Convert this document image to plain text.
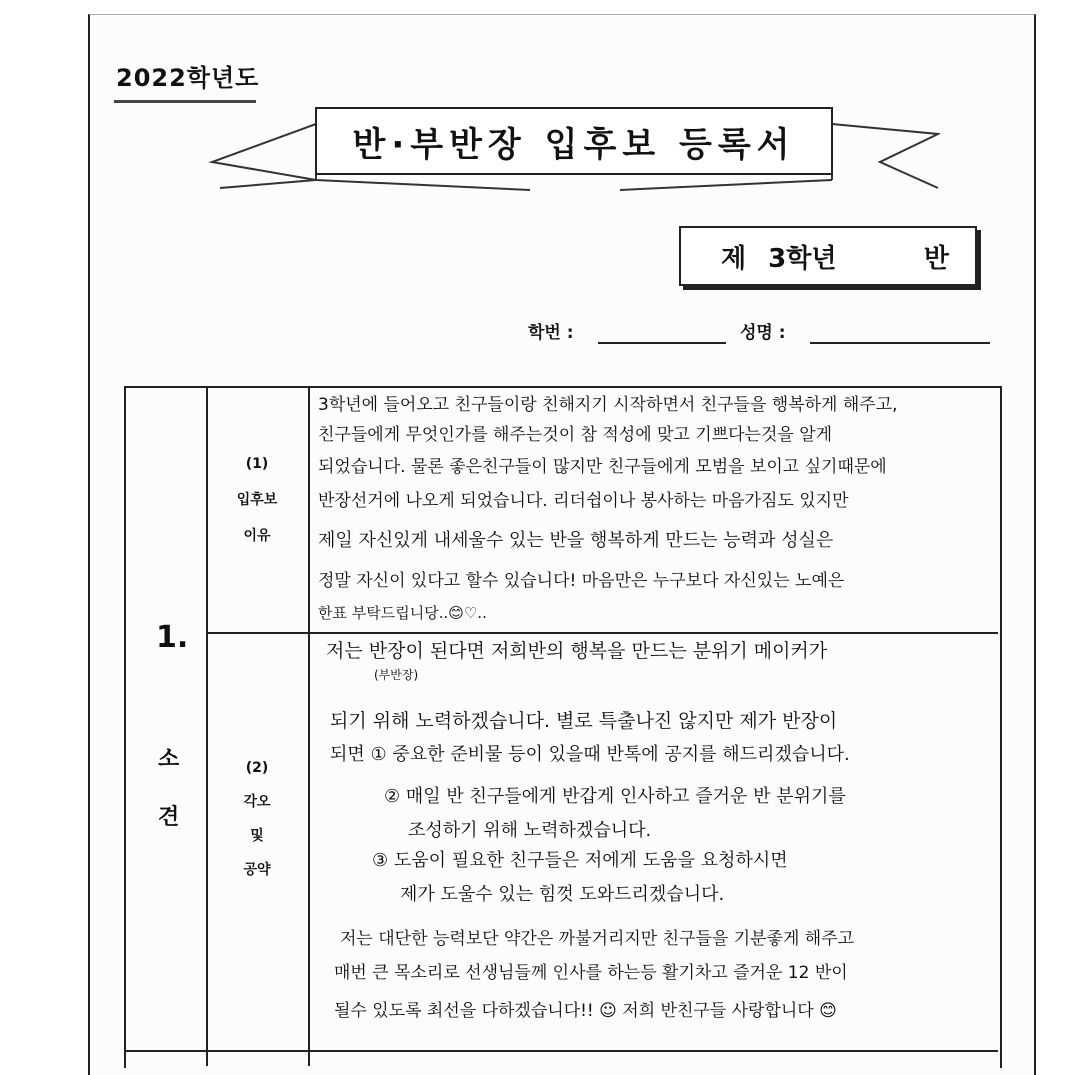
2022학년도
반·부반장 입후보 등록서
제 3학년	반
학번 :	성명 :
1.
소
견
(1)
입후보
이유
(2)
각오
및
공약
3학년에 들어오고 친구들이랑 친해지기 시작하면서 친구들을 행복하게 해주고,
친구들에게 무엇인가를 해주는것이 참 적성에 맞고 기쁘다는것을 알게
되었습니다. 물론 좋은친구들이 많지만 친구들에게 모범을 보이고 싶기때문에
반장선거에 나오게 되었습니다. 리더쉽이나 봉사하는 마음가짐도 있지만
제일 자신있게 내세울수 있는 반을 행복하게 만드는 능력과 성실은
정말 자신이 있다고 할수 있습니다! 마음만은 누구보다 자신있는 노예은
한표 부탁드립니당..😊♡..
저는 반장이 된다면 저희반의 행복을 만드는 분위기 메이커가
(부반장)
되기 위해 노력하겠습니다. 별로 특출나진 않지만 제가 반장이
되면 ① 중요한 준비물 등이 있을때 반톡에 공지를 해드리겠습니다.
② 매일 반 친구들에게 반갑게 인사하고 즐거운 반 분위기를
조성하기 위해 노력하겠습니다.
③ 도움이 필요한 친구들은 저에게 도움을 요청하시면
제가 도울수 있는 힘껏 도와드리겠습니다.
저는 대단한 능력보단 약간은 까불거리지만 친구들을 기분좋게 해주고
매번 큰 목소리로 선생님들께 인사를 하는등 활기차고 즐거운 12 반이
될수 있도록 최선을 다하겠습니다!! ☺ 저희 반친구들 사랑합니다 😊
